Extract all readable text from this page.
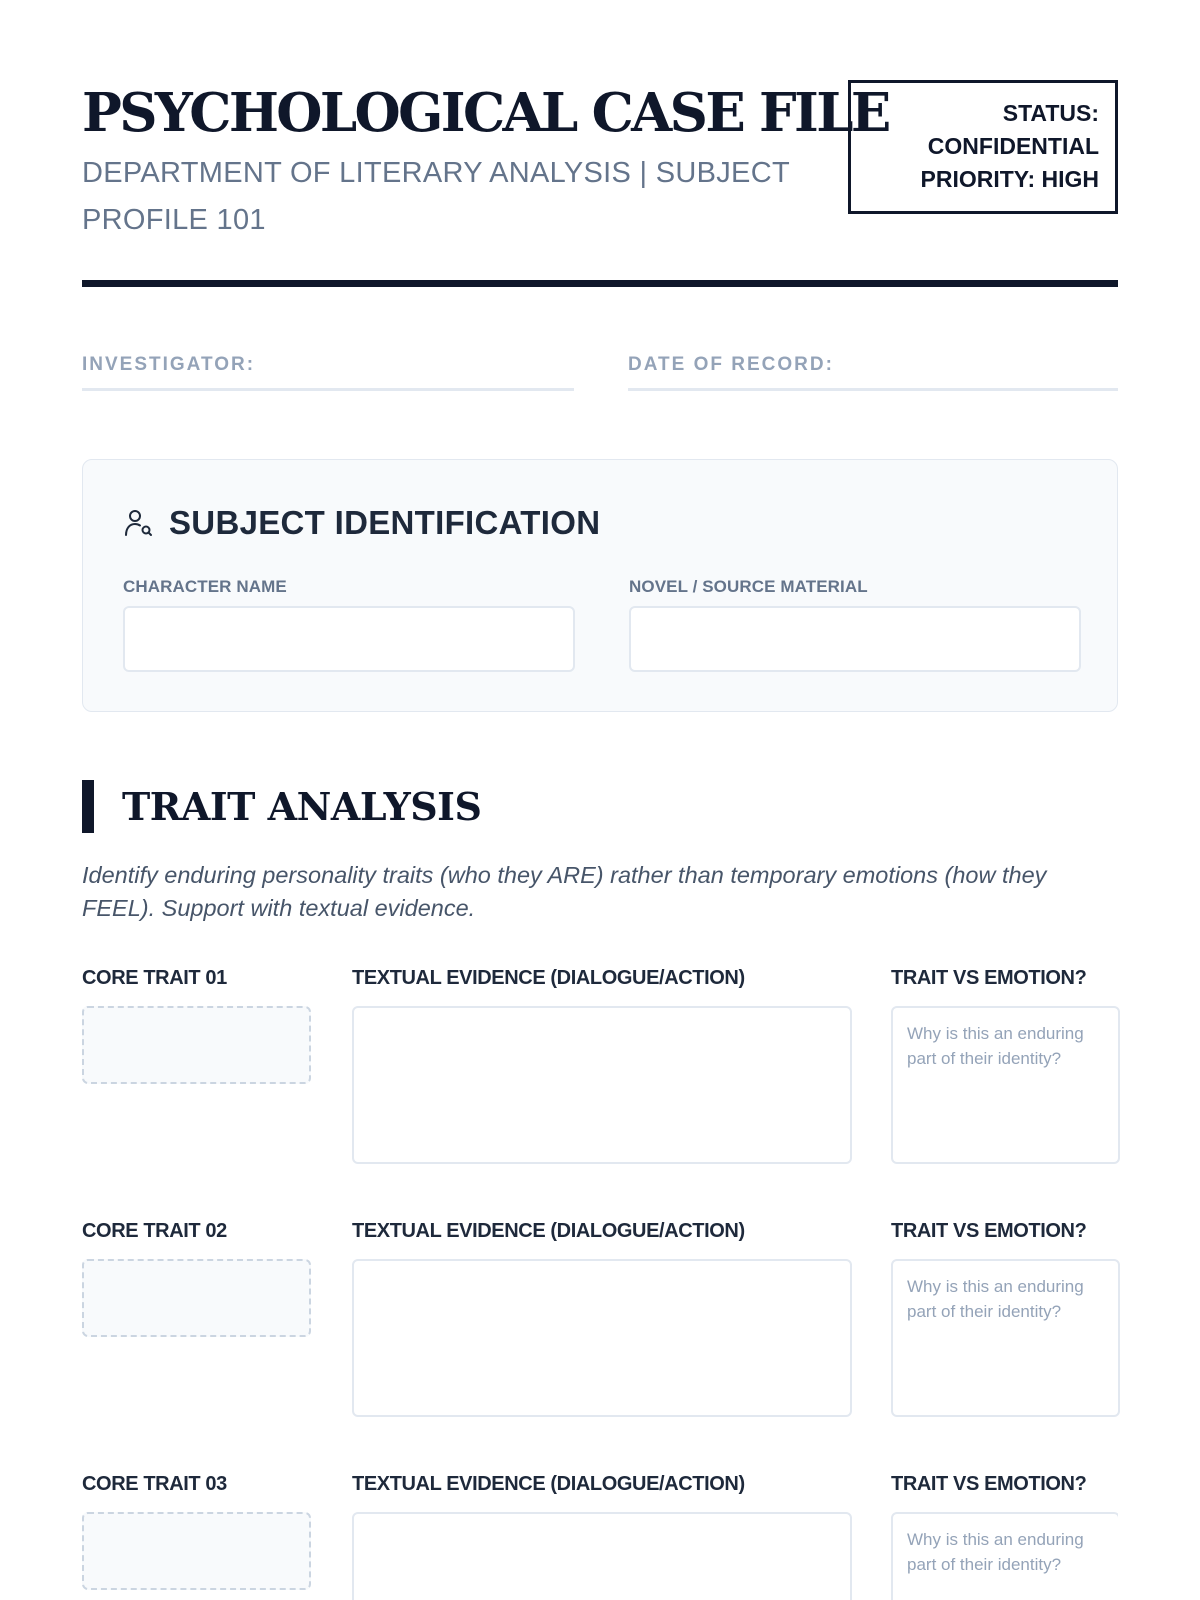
PSYCHOLOGICAL CASE FILE
DEPARTMENT OF LITERARY ANALYSIS | SUBJECT PROFILE 101
STATUS:
CONFIDENTIAL
PRIORITY: HIGH
INVESTIGATOR:	DATE OF RECORD:
SUBJECT IDENTIFICATION
CHARACTER NAME	NOVEL / SOURCE MATERIAL
TRAIT ANALYSIS
Identify enduring personality traits (who they ARE) rather than temporary emotions (how they FEEL). Support with textual evidence.
CORE TRAIT 01	TEXTUAL EVIDENCE (DIALOGUE/ACTION)	TRAIT VS EMOTION?
Why is this an enduring part of their identity?
CORE TRAIT 02	TEXTUAL EVIDENCE (DIALOGUE/ACTION)	TRAIT VS EMOTION?
Why is this an enduring part of their identity?
CORE TRAIT 03	TEXTUAL EVIDENCE (DIALOGUE/ACTION)	TRAIT VS EMOTION?
Why is this an enduring part of their identity?
